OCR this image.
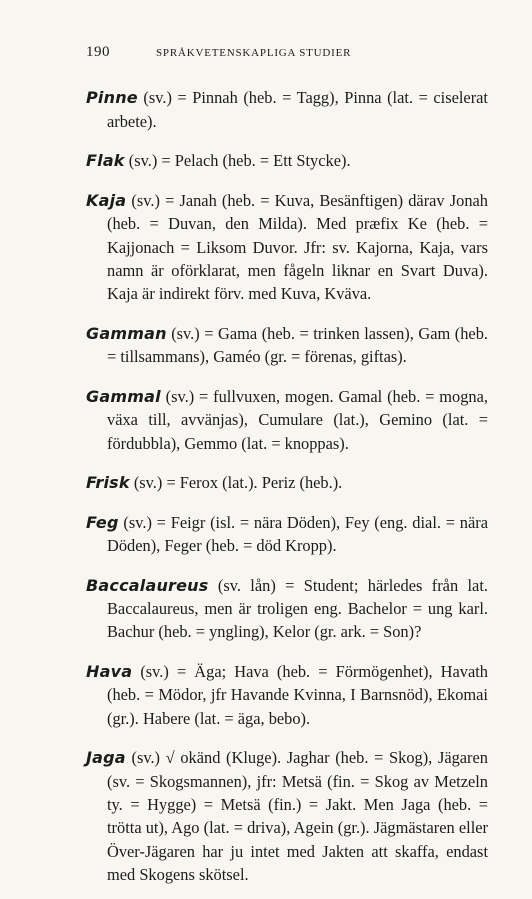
190	SPRÅKVETENSKAPLIGA STUDIER

Pinne (sv.) = Pinnah (heb. = Tagg), Pinna (lat. = ciselerat arbete).

Flak (sv.) = Pelach (heb. = Ett Stycke).

Kaja (sv.) = Janah (heb. = Kuva, Besänftigen) därav Jonah (heb. = Duvan, den Milda). Med præfix Ke (heb. = Kajjonach = Liksom Duvor. Jfr: sv. Kajorna, Kaja, vars namn är oförklarat, men fågeln liknar en Svart Duva). Kaja är indirekt förv. med Kuva, Kväva.

Gamman (sv.) = Gama (heb. = trinken lassen), Gam (heb. = tillsammans), Gaméo (gr. = förenas, giftas).

Gammal (sv.) = fullvuxen, mogen. Gamal (heb. = mogna, växa till, avvänjas), Cumulare (lat.), Gemino (lat. = fördubbla), Gemmo (lat. = knoppas).

Frisk (sv.) = Ferox (lat.). Periz (heb.).

Feg (sv.) = Feigr (isl. = nära Döden), Fey (eng. dial. = nära Döden), Feger (heb. = död Kropp).

Baccalaureus (sv. lån) = Student; härledes från lat. Baccalaureus, men är troligen eng. Bachelor = ung karl. Bachur (heb. = yngling), Kelor (gr. ark. = Son)?

Hava (sv.) = Äga; Hava (heb. = Förmögenhet), Havath (heb. = Mödor, jfr Havande Kvinna, I Barnsnöd), Ekomai (gr.). Habere (lat. = äga, bebo).

Jaga (sv.) √ okänd (Kluge). Jaghar (heb. = Skog), Jägaren (sv. = Skogsmannen), jfr: Metsä (fin. = Skog av Metzeln ty. = Hygge) = Metsä (fin.) = Jakt. Men Jaga (heb. = trötta ut), Ago (lat. = driva), Agein (gr.). Jägmästaren eller Över-Jägaren har ju intet med Jakten att skaffa, endast med Skogens skötsel.
